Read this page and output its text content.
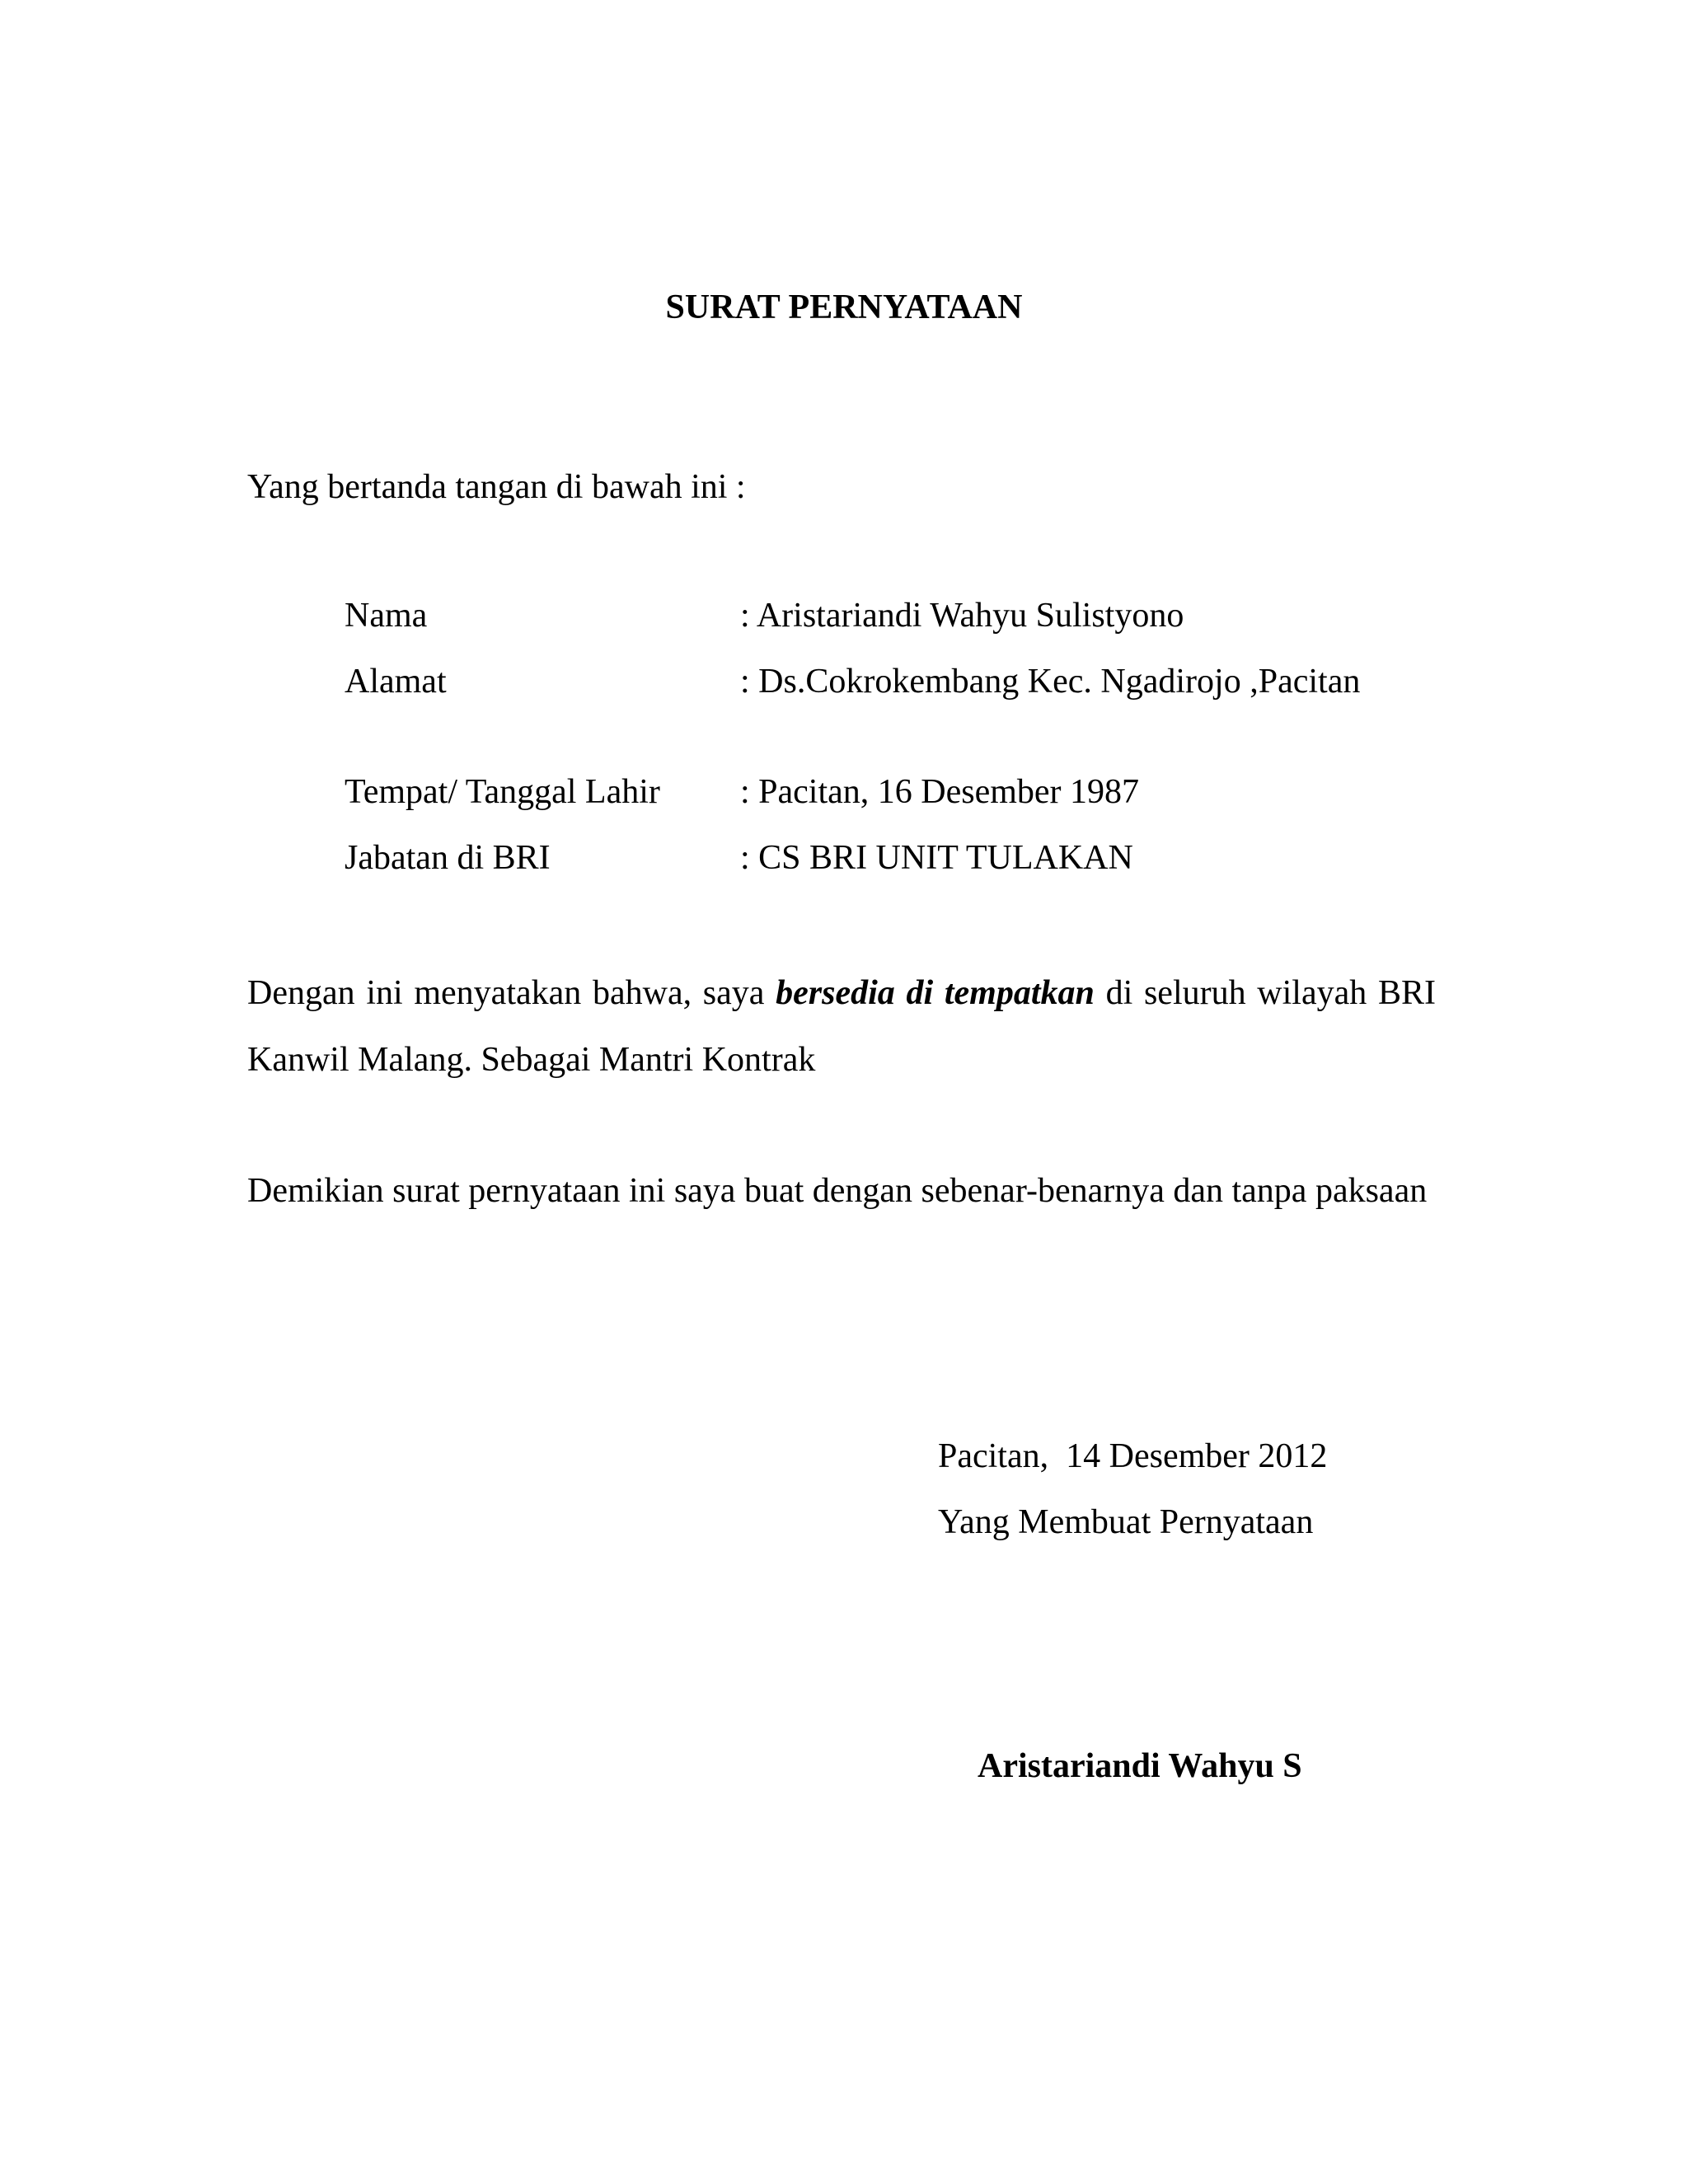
SURAT PERNYATAAN
Yang bertanda tangan di bawah ini :
Nama	: Aristariandi Wahyu Sulistyono
Alamat	: Ds.Cokrokembang Kec. Ngadirojo ,Pacitan
Tempat/ Tanggal Lahir : Pacitan, 16 Desember 1987
Jabatan di BRI	: CS BRI UNIT TULAKAN

Dengan ini menyatakan bahwa, saya bersedia di tempatkan di seluruh wilayah BRI Kanwil Malang. Sebagai Mantri Kontrak

Demikian surat pernyataan ini saya buat dengan sebenar-benarnya dan tanpa paksaan

Pacitan,  14 Desember 2012
Yang Membuat Pernyataan
Aristariandi Wahyu S
